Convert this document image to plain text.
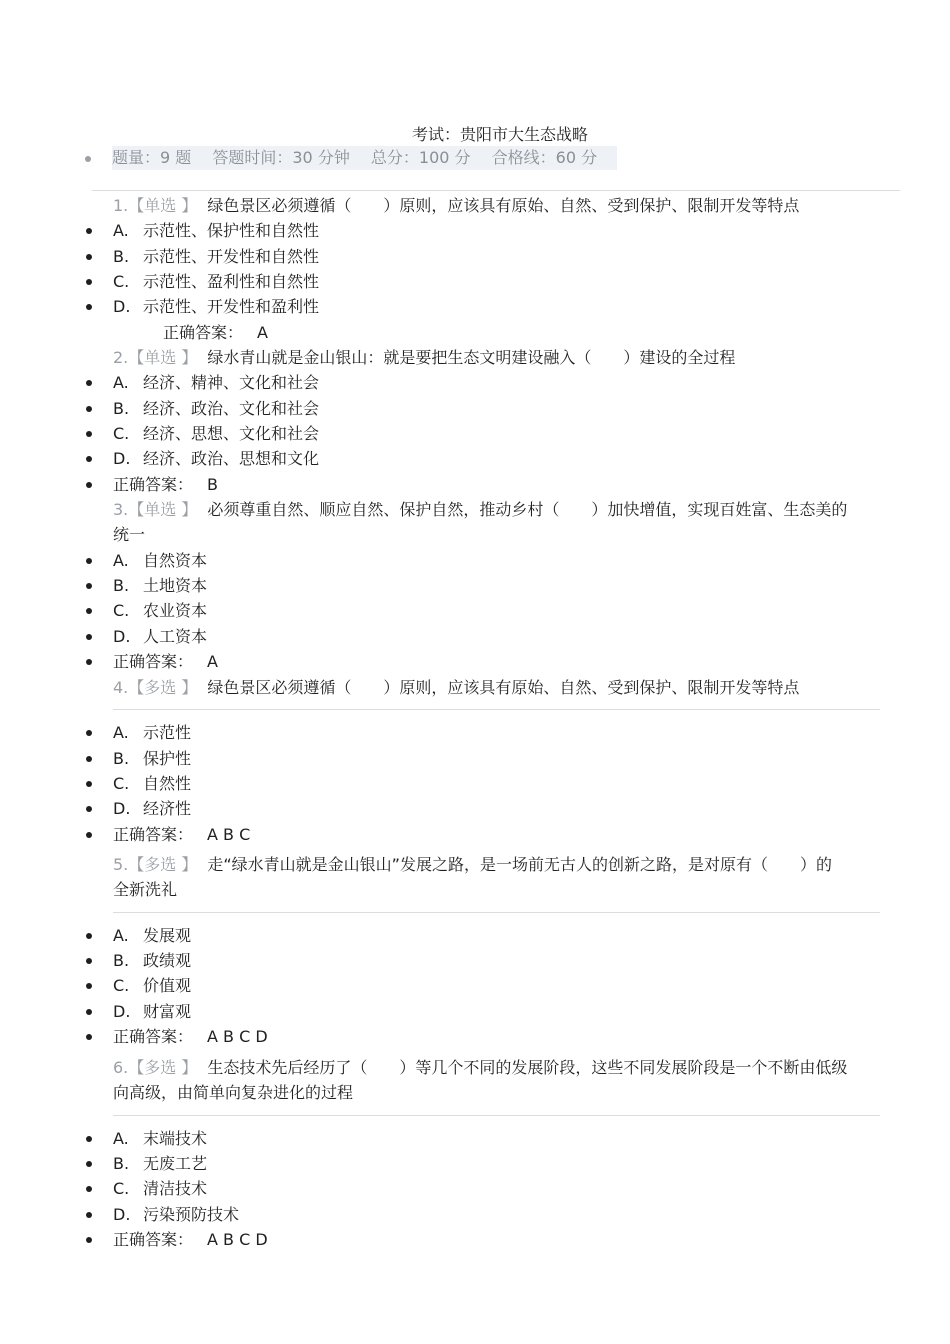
考试：贵阳市大生态战略
题量：9 题 答题时间：30 分钟 总分：100 分 合格线：60 分
1.【单选 】 绿色景区必须遵循（　　）原则，应该具有原始、自然、受到保护、限制开发等特点
A. 示范性、保护性和自然性
B. 示范性、开发性和自然性
C. 示范性、盈利性和自然性
D. 示范性、开发性和盈利性
正确答案： A
2.【单选 】 绿水青山就是金山银山：就是要把生态文明建设融入（　　）建设的全过程
A. 经济、精神、文化和社会
B. 经济、政治、文化和社会
C. 经济、思想、文化和社会
D. 经济、政治、思想和文化
正确答案： B
3.【单选 】 必须尊重自然、顺应自然、保护自然，推动乡村（　　）加快增值，实现百姓富、生态美的
统一
A. 自然资本
B. 土地资本
C. 农业资本
D. 人工资本
正确答案： A
4.【多选 】 绿色景区必须遵循（　　）原则，应该具有原始、自然、受到保护、限制开发等特点
A. 示范性
B. 保护性
C. 自然性
D. 经济性
正确答案： A B C
5.【多选 】 走“绿水青山就是金山银山”发展之路，是一场前无古人的创新之路，是对原有（　　）的
全新洗礼
A. 发展观
B. 政绩观
C. 价值观
D. 财富观
正确答案： A B C D
6.【多选 】 生态技术先后经历了（　　）等几个不同的发展阶段，这些不同发展阶段是一个不断由低级
向高级，由简单向复杂进化的过程
A. 末端技术
B. 无废工艺
C. 清洁技术
D. 污染预防技术
正确答案： A B C D
